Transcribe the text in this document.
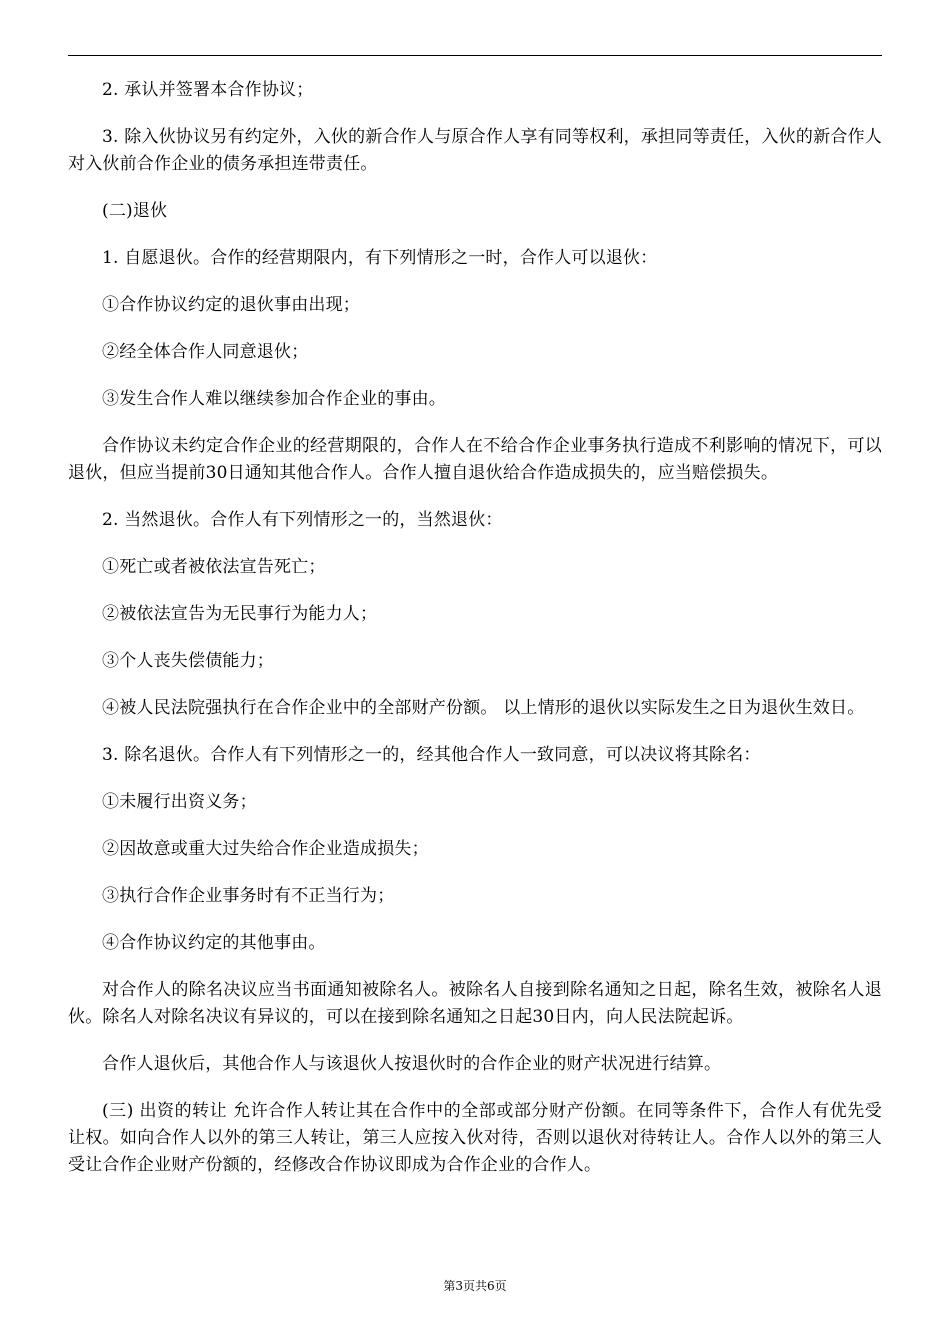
2. 承认并签署本合作协议；

3. 除入伙协议另有约定外，入伙的新合作人与原合作人享有同等权利，承担同等责任，入伙的新合作人对入伙前合作企业的债务承担连带责任。

(二)退伙

1. 自愿退伙。合作的经营期限内，有下列情形之一时，合作人可以退伙：

①合作协议约定的退伙事由出现；

②经全体合作人同意退伙；

③发生合作人难以继续参加合作企业的事由。

合作协议未约定合作企业的经营期限的，合作人在不给合作企业事务执行造成不利影响的情况下，可以退伙，但应当提前30日通知其他合作人。合作人擅自退伙给合作造成损失的，应当赔偿损失。

2. 当然退伙。合作人有下列情形之一的，当然退伙：

①死亡或者被依法宣告死亡；

②被依法宣告为无民事行为能力人；

③个人丧失偿债能力；

④被人民法院强执行在合作企业中的全部财产份额。 以上情形的退伙以实际发生之日为退伙生效日。

3. 除名退伙。合作人有下列情形之一的，经其他合作人一致同意，可以决议将其除名：

①未履行出资义务；

②因故意或重大过失给合作企业造成损失；

③执行合作企业事务时有不正当行为；

④合作协议约定的其他事由。

对合作人的除名决议应当书面通知被除名人。被除名人自接到除名通知之日起，除名生效，被除名人退伙。除名人对除名决议有异议的，可以在接到除名通知之日起30日内，向人民法院起诉。

合作人退伙后，其他合作人与该退伙人按退伙时的合作企业的财产状况进行结算。

(三) 出资的转让 允许合作人转让其在合作中的全部或部分财产份额。在同等条件下，合作人有优先受让权。如向合作人以外的第三人转让，第三人应按入伙对待，否则以退伙对待转让人。合作人以外的第三人受让合作企业财产份额的，经修改合作协议即成为合作企业的合作人。

第3页共6页
